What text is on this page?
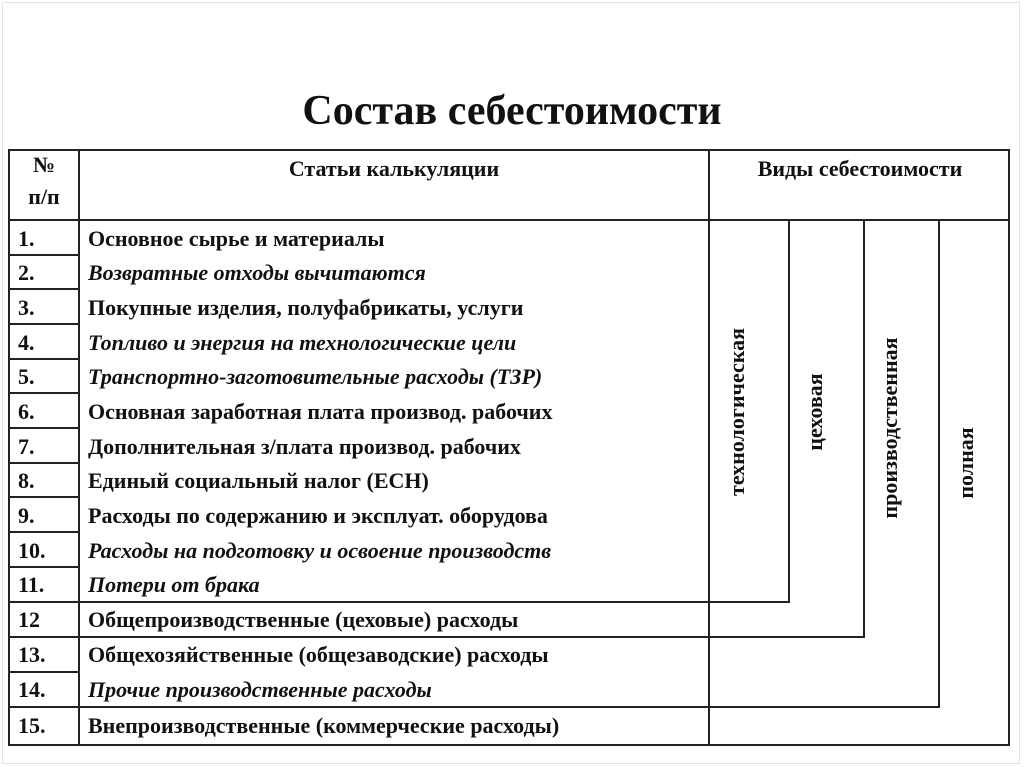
Состав себестоимости
№
п/п
Статьи калькуляции	Виды себестоимости
1.
2.
3.
4.
5.
6.
7.
8.
9.
10.
11.
12
13.
14.
15.
Основное сырье и материалы
Возвратные отходы вычитаются
Покупные изделия, полуфабрикаты, услуги
Топливо и энергия на технологические цели
Транспортно-заготовительные расходы (ТЗР)
Основная заработная плата производ. рабочих
Дополнительная з/плата производ. рабочих
Единый социальный налог (ЕСН)
Расходы по содержанию и эксплуат. оборудова
Расходы на подготовку и освоение производств
Потери от брака
Общепроизводственные (цеховые) расходы
Общехозяйственные (общезаводские) расходы
Прочие производственные расходы
Внепроизводственные (коммерческие расходы)
технологическая цеховая производственная полная
